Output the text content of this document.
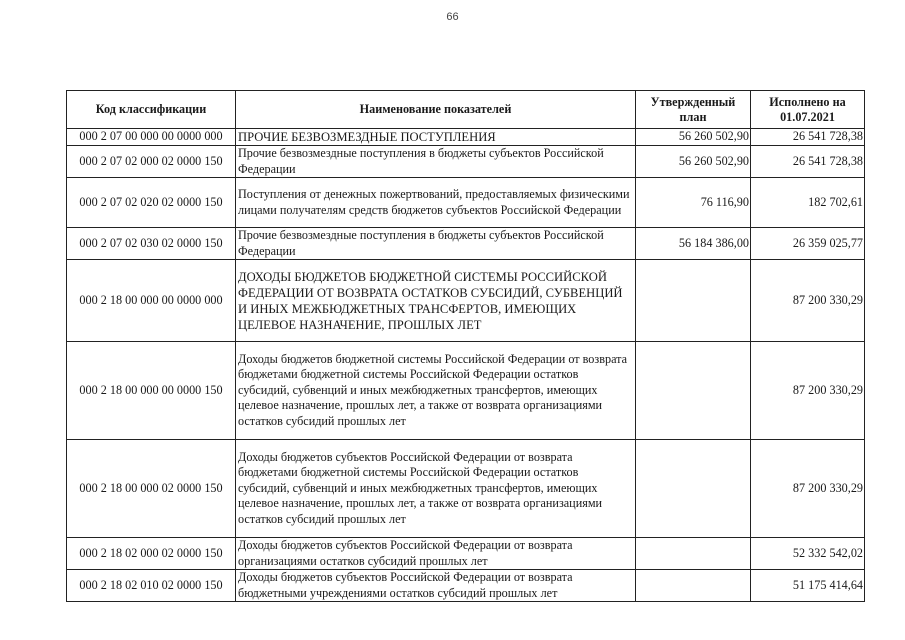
66
Код классификации	Наименование показателей	Утвержденный план	Исполнено на 01.07.2021
000 2 07 00 000 00 0000 000	ПРОЧИЕ БЕЗВОЗМЕЗДНЫЕ ПОСТУПЛЕНИЯ	56 260 502,90	26 541 728,38
000 2 07 02 000 02 0000 150	Прочие безвозмездные поступления в бюджеты субъектов Российской Федерации	56 260 502,90	26 541 728,38
000 2 07 02 020 02 0000 150	Поступления от денежных пожертвований, предоставляемых физическими лицами получателям средств бюджетов субъектов Российской Федерации	76 116,90	182 702,61
000 2 07 02 030 02 0000 150	Прочие безвозмездные поступления в бюджеты субъектов Российской Федерации	56 184 386,00	26 359 025,77
000 2 18 00 000 00 0000 000	ДОХОДЫ БЮДЖЕТОВ БЮДЖЕТНОЙ СИСТЕМЫ РОССИЙСКОЙ ФЕДЕРАЦИИ ОТ ВОЗВРАТА ОСТАТКОВ СУБСИДИЙ, СУБВЕНЦИЙ И ИНЫХ МЕЖБЮДЖЕТНЫХ ТРАНСФЕРТОВ, ИМЕЮЩИХ ЦЕЛЕВОЕ НАЗНАЧЕНИЕ, ПРОШЛЫХ ЛЕТ		87 200 330,29
000 2 18 00 000 00 0000 150	Доходы бюджетов бюджетной системы Российской Федерации от возврата бюджетами бюджетной системы Российской Федерации остатков субсидий, субвенций и иных межбюджетных трансфертов, имеющих целевое назначение, прошлых лет, а также от возврата организациями остатков субсидий прошлых лет		87 200 330,29
000 2 18 00 000 02 0000 150	Доходы бюджетов субъектов Российской Федерации от возврата бюджетами бюджетной системы Российской Федерации остатков субсидий, субвенций и иных межбюджетных трансфертов, имеющих целевое назначение, прошлых лет, а также от возврата организациями остатков субсидий прошлых лет		87 200 330,29
000 2 18 02 000 02 0000 150	Доходы бюджетов субъектов Российской Федерации от возврата организациями остатков субсидий прошлых лет		52 332 542,02
000 2 18 02 010 02 0000 150	Доходы бюджетов субъектов Российской Федерации от возврата бюджетными учреждениями остатков субсидий прошлых лет		51 175 414,64
